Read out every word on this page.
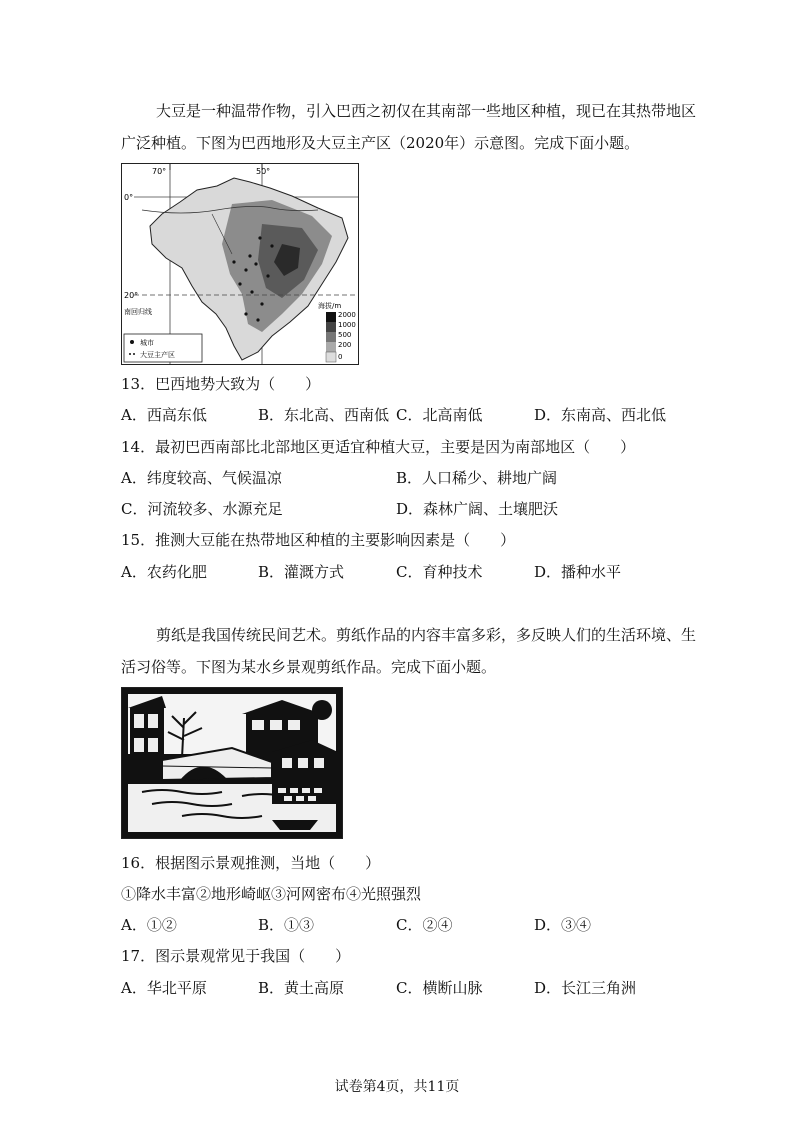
大豆是一种温带作物，引入巴西之初仅在其南部一些地区种植，现已在其热带地区
广泛种植。下图为巴西地形及大豆主产区（2020年）示意图。完成下面小题。
70°	50°
0°
20°
南回归线
城市
大豆主产区
海拔/m
2000
1000
500
200
0
13．巴西地势大致为（　　）
A．西高东低	B．东北高、西南低 C．北高南低	D．东南高、西北低
14．最初巴西南部比北部地区更适宜种植大豆，主要是因为南部地区（　　）
A．纬度较高、气候温凉	B．人口稀少、耕地广阔
C．河流较多、水源充足	D．森林广阔、土壤肥沃
15．推测大豆能在热带地区种植的主要影响因素是（　　）
A．农药化肥	B．灌溉方式	C．育种技术	D．播种水平
剪纸是我国传统民间艺术。剪纸作品的内容丰富多彩，多反映人们的生活环境、生
活习俗等。下图为某水乡景观剪纸作品。完成下面小题。
16．根据图示景观推测，当地（　　）
①降水丰富②地形崎岖③河网密布④光照强烈
A．①②	B．①③	C．②④	D．③④
17．图示景观常见于我国（　　）
A．华北平原	B．黄土高原	C．横断山脉	D．长江三角洲
试卷第4页，共11页
